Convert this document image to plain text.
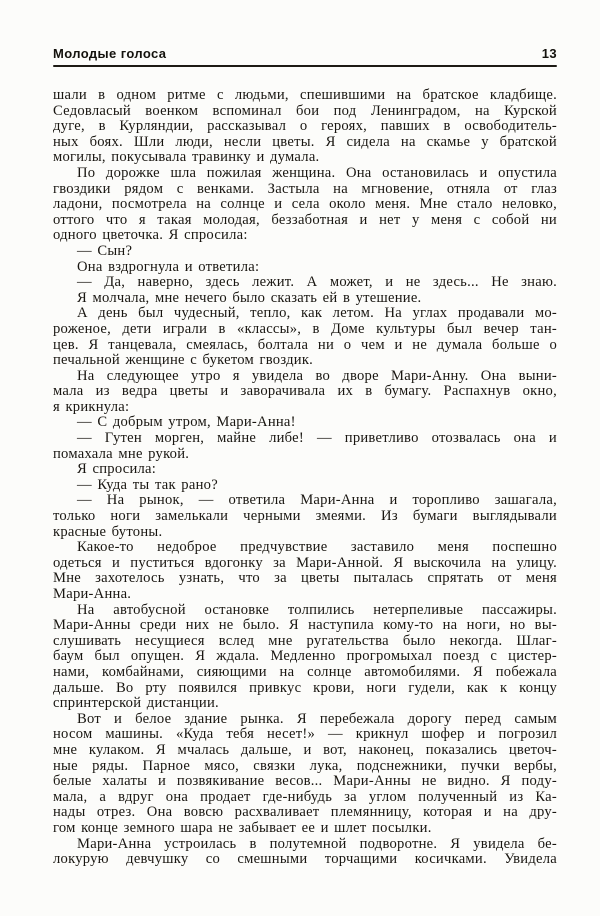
Молодые голоса	13
шали в одном ритме с людьми, спешившими на братское кладбище.
Седовласый военком вспоминал бои под Ленинградом, на Курской
дуге, в Курляндии, рассказывал о героях, павших в освободитель-
ных боях. Шли люди, несли цветы. Я сидела на скамье у братской
могилы, покусывала травинку и думала.
По дорожке шла пожилая женщина. Она остановилась и опустила
гвоздики рядом с венками. Застыла на мгновение, отняла от глаз
ладони, посмотрела на солнце и села около меня. Мне стало неловко,
оттого что я такая молодая, беззаботная и нет у меня с собой ни
одного цветочка. Я спросила:
— Сын?
Она вздрогнула и ответила:
— Да, наверно, здесь лежит. А может, и не здесь... Не знаю.
Я молчала, мне нечего было сказать ей в утешение.
А день был чудесный, тепло, как летом. На углах продавали мо-
роженое, дети играли в «классы», в Доме культуры был вечер тан-
цев. Я танцевала, смеялась, болтала ни о чем и не думала больше о
печальной женщине с букетом гвоздик.
На следующее утро я увидела во дворе Мари-Анну. Она выни-
мала из ведра цветы и заворачивала их в бумагу. Распахнув окно,
я крикнула:
— С добрым утром, Мари-Анна!
— Гутен морген, майне либе! — приветливо отозвалась она и
помахала мне рукой.
Я спросила:
— Куда ты так рано?
— На рынок, — ответила Мари-Анна и торопливо зашагала,
только ноги замелькали черными змеями. Из бумаги выглядывали
красные бутоны.
Какое-то недоброе предчувствие заставило меня поспешно
одеться и пуститься вдогонку за Мари-Анной. Я выскочила на улицу.
Мне захотелось узнать, что за цветы пыталась спрятать от меня
Мари-Анна.
На автобусной остановке толпились нетерпеливые пассажиры.
Мари-Анны среди них не было. Я наступила кому-то на ноги, но вы-
слушивать несущиеся вслед мне ругательства было некогда. Шлаг-
баум был опущен. Я ждала. Медленно прогромыхал поезд с цистер-
нами, комбайнами, сияющими на солнце автомобилями. Я побежала
дальше. Во рту появился привкус крови, ноги гудели, как к концу
спринтерской дистанции.
Вот и белое здание рынка. Я перебежала дорогу перед самым
носом машины. «Куда тебя несет!» — крикнул шофер и погрозил
мне кулаком. Я мчалась дальше, и вот, наконец, показались цветоч-
ные ряды. Парное мясо, связки лука, подснежники, пучки вербы,
белые халаты и позвякивание весов... Мари-Анны не видно. Я поду-
мала, а вдруг она продает где-нибудь за углом полученный из Ка-
нады отрез. Она вовсю расхваливает племянницу, которая и на дру-
гом конце земного шара не забывает ее и шлет посылки.
Мари-Анна устроилась в полутемной подворотне. Я увидела бе-
локурую девчушку со смешными торчащими косичками. Увидела
